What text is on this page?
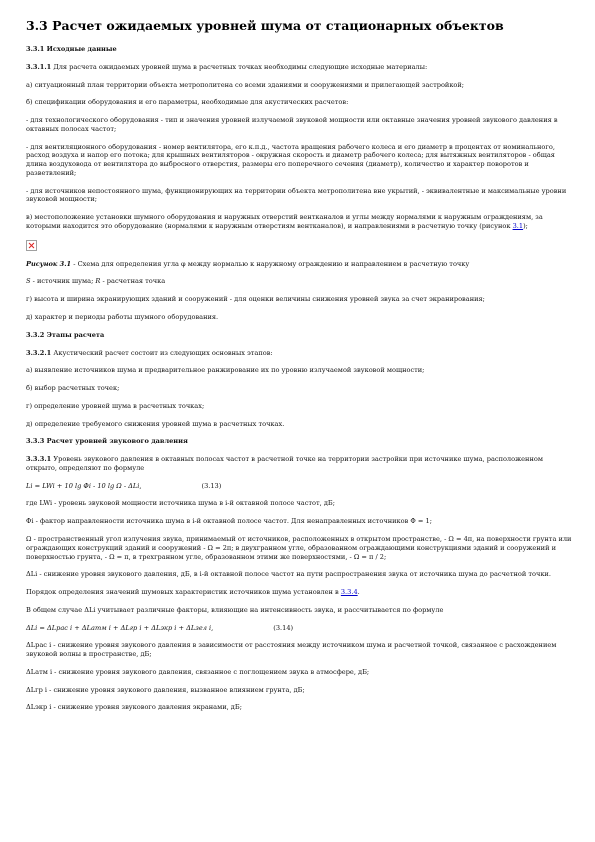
3.3 Расчет ожидаемых уровней шума от стационарных объектов

3.3.1 Исходные данные

3.3.1.1 Для расчета ожидаемых уровней шума в расчетных точках необходимы следующие исходные материалы:

а) ситуационный план территории объекта метрополитена со всеми зданиями и сооружениями и прилегающей застройкой;

б) спецификации оборудования и его параметры, необходимые для акустических расчетов:

- для технологического оборудования - тип и значения уровней излучаемой звуковой мощности или октавные значения уровней звукового давления в октавных полосах частот;

- для вентиляционного оборудования - номер вентилятора, его к.п.д., частота вращения рабочего колеса и его диаметр в процентах от номинального, расход воздуха и напор его потока; для крышных вентиляторов - окружная скорость и диаметр рабочего колеса; для вытяжных вентиляторов - общая длина воздуховода от вентилятора до выбросного отверстия, размеры его поперечного сечения (диаметр), количество и характер поворотов и разветвлений;

- для источников непостоянного шума, функционирующих на территории объекта метрополитена вне укрытий, - эквивалентные и максимальные уровни звуковой мощности;

в) местоположение установки шумного оборудования и наружных отверстий вентканалов и углы между нормалями к наружным ограждениям, за которыми находится это оборудование (нормалями к наружным отверстиям вентканалов), и направлениями в расчетную точку (рисунок 3.1);

Рисунок 3.1 - Схема для определения угла φ между нормалью к наружному ограждению и направлением в расчетную точку

S - источник шума; R - расчетная точка

г) высота и ширина экранирующих зданий и сооружений - для оценки величины снижения уровней звука за счет экранирования;

д) характер и периоды работы шумного оборудования.

3.3.2 Этапы расчета

3.3.2.1 Акустический расчет состоит из следующих основных этапов:

а) выявление источников шума и предварительное ранжирование их по уровню излучаемой звуковой мощности;

б) выбор расчетных точек;

г) определение уровней шума в расчетных точках;

д) определение требуемого снижения уровней шума в расчетных точках.

3.3.3 Расчет уровней звукового давления

3.3.3.1 Уровень звукового давления в октавных полосах частот в расчетной точке на территории застройки при источнике шума, расположенном открыто, определяют по формуле

Li = LWi + 10 lg Φi - 10 lg Ω - ΔLi,	(3.13)

где LWi - уровень звуковой мощности источника шума в i-й октавной полосе частот, дБ;

Φi - фактор направленности источника шума в i-й октавной полосе частот. Для ненаправленных источников Φ = 1;

Ω - пространственный угол излучения звука, принимаемый от источников, расположенных в открытом пространстве, - Ω = 4π, на поверхности грунта или ограждающих конструкций зданий и сооружений - Ω = 2π; в двухгранном угле, образованном ограждающими конструкциями зданий и сооружений и поверхностью грунта, - Ω = π, в трехгранном угле, образованном этими же поверхностями, - Ω = π / 2;

ΔLi - снижение уровня звукового давления, дБ, в i-й октавной полосе частот на пути распространения звука от источника шума до расчетной точки.

Порядок определения значений шумовых характеристик источников шума установлен в 3.3.4.

В общем случае ΔLi учитывает различные факторы, влияющие на интенсивность звука, и рассчитывается по формуле

ΔLi = ΔLрас i + ΔLатм i + ΔLгр i + ΔLэкр i + ΔLзел i,	(3.14)

ΔLрас i - снижение уровня звукового давления в зависимости от расстояния между источником шума и расчетной точкой, связанное с расхождением звуковой волны в пространстве, дБ;

ΔLатм i - снижение уровня звукового давления, связанное с поглощением звука в атмосфере, дБ;

ΔLгр i - снижение уровня звукового давления, вызванное влиянием грунта, дБ;

ΔLэкр i - снижение уровня звукового давления экранами, дБ;
